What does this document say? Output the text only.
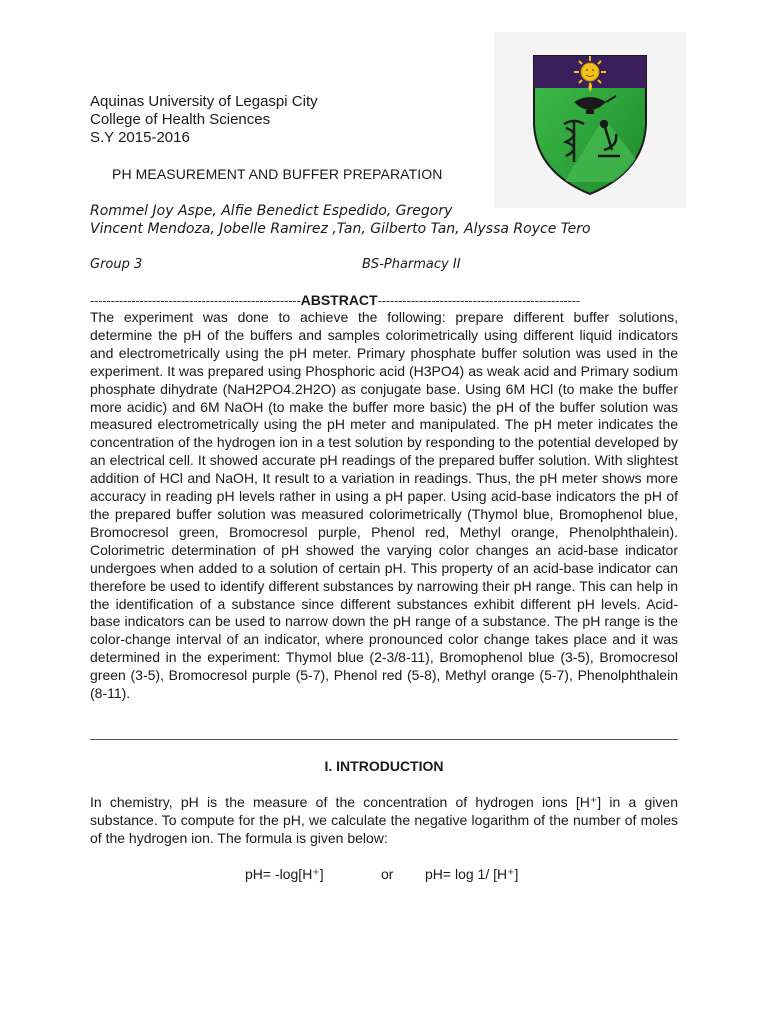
Aquinas University of Legaspi City
College of Health Sciences
S.Y 2015-2016
PH MEASUREMENT AND BUFFER PREPARATION
Rommel Joy Aspe, Alfie Benedict Espedido, Gregory
Vincent Mendoza, Jobelle Ramirez ,Tan, Gilberto Tan, Alyssa Royce Tero
Group 3	BS-Pharmacy II
---------------------------------------------------ABSTRACT-------------------------------------------------
The experiment was done to achieve the following: prepare different buffer solutions, determine the pH of the buffers and samples colorimetrically using different liquid indicators and electrometrically using the pH meter. Primary phosphate buffer solution was used in the experiment. It was prepared using Phosphoric acid (H3PO4) as weak acid and Primary sodium phosphate dihydrate (NaH2PO4.2H2O) as conjugate base. Using 6M HCl (to make the buffer more acidic) and 6M NaOH (to make the buffer more basic) the pH of the buffer solution was measured electrometrically using the pH meter and manipulated. The pH meter indicates the concentration of the hydrogen ion in a test solution by responding to the potential developed by an electrical cell. It showed accurate pH readings of the prepared buffer solution. With slightest addition of HCl and NaOH, It result to a variation in readings. Thus, the pH meter shows more accuracy in reading pH levels rather in using a pH paper. Using acid-base indicators the pH of the prepared buffer solution was measured colorimetrically (Thymol blue, Bromophenol blue, Bromocresol green, Bromocresol purple, Phenol red, Methyl orange, Phenolphthalein). Colorimetric determination of pH showed the varying color changes an acid-base indicator undergoes when added to a solution of certain pH. This property of an acid-base indicator can therefore be used to identify different substances by narrowing their pH range. This can help in the identification of a substance since different substances exhibit different pH levels. Acid-base indicators can be used to narrow down the pH range of a substance. The pH range is the color-change interval of an indicator, where pronounced color change takes place and it was determined in the experiment: Thymol blue (2-3/8-11), Bromophenol blue (3-5), Bromocresol green (3-5), Bromocresol purple (5-7), Phenol red (5-8), Methyl orange (5-7), Phenolphthalein (8-11).
I. INTRODUCTION
In chemistry, pH is the measure of the concentration of hydrogen ions [H⁺] in a given substance. To compute for the pH, we calculate the negative logarithm of the number of moles of the hydrogen ion. The formula is given below:
pH= -log[H⁺]	or pH= log 1/ [H⁺]
